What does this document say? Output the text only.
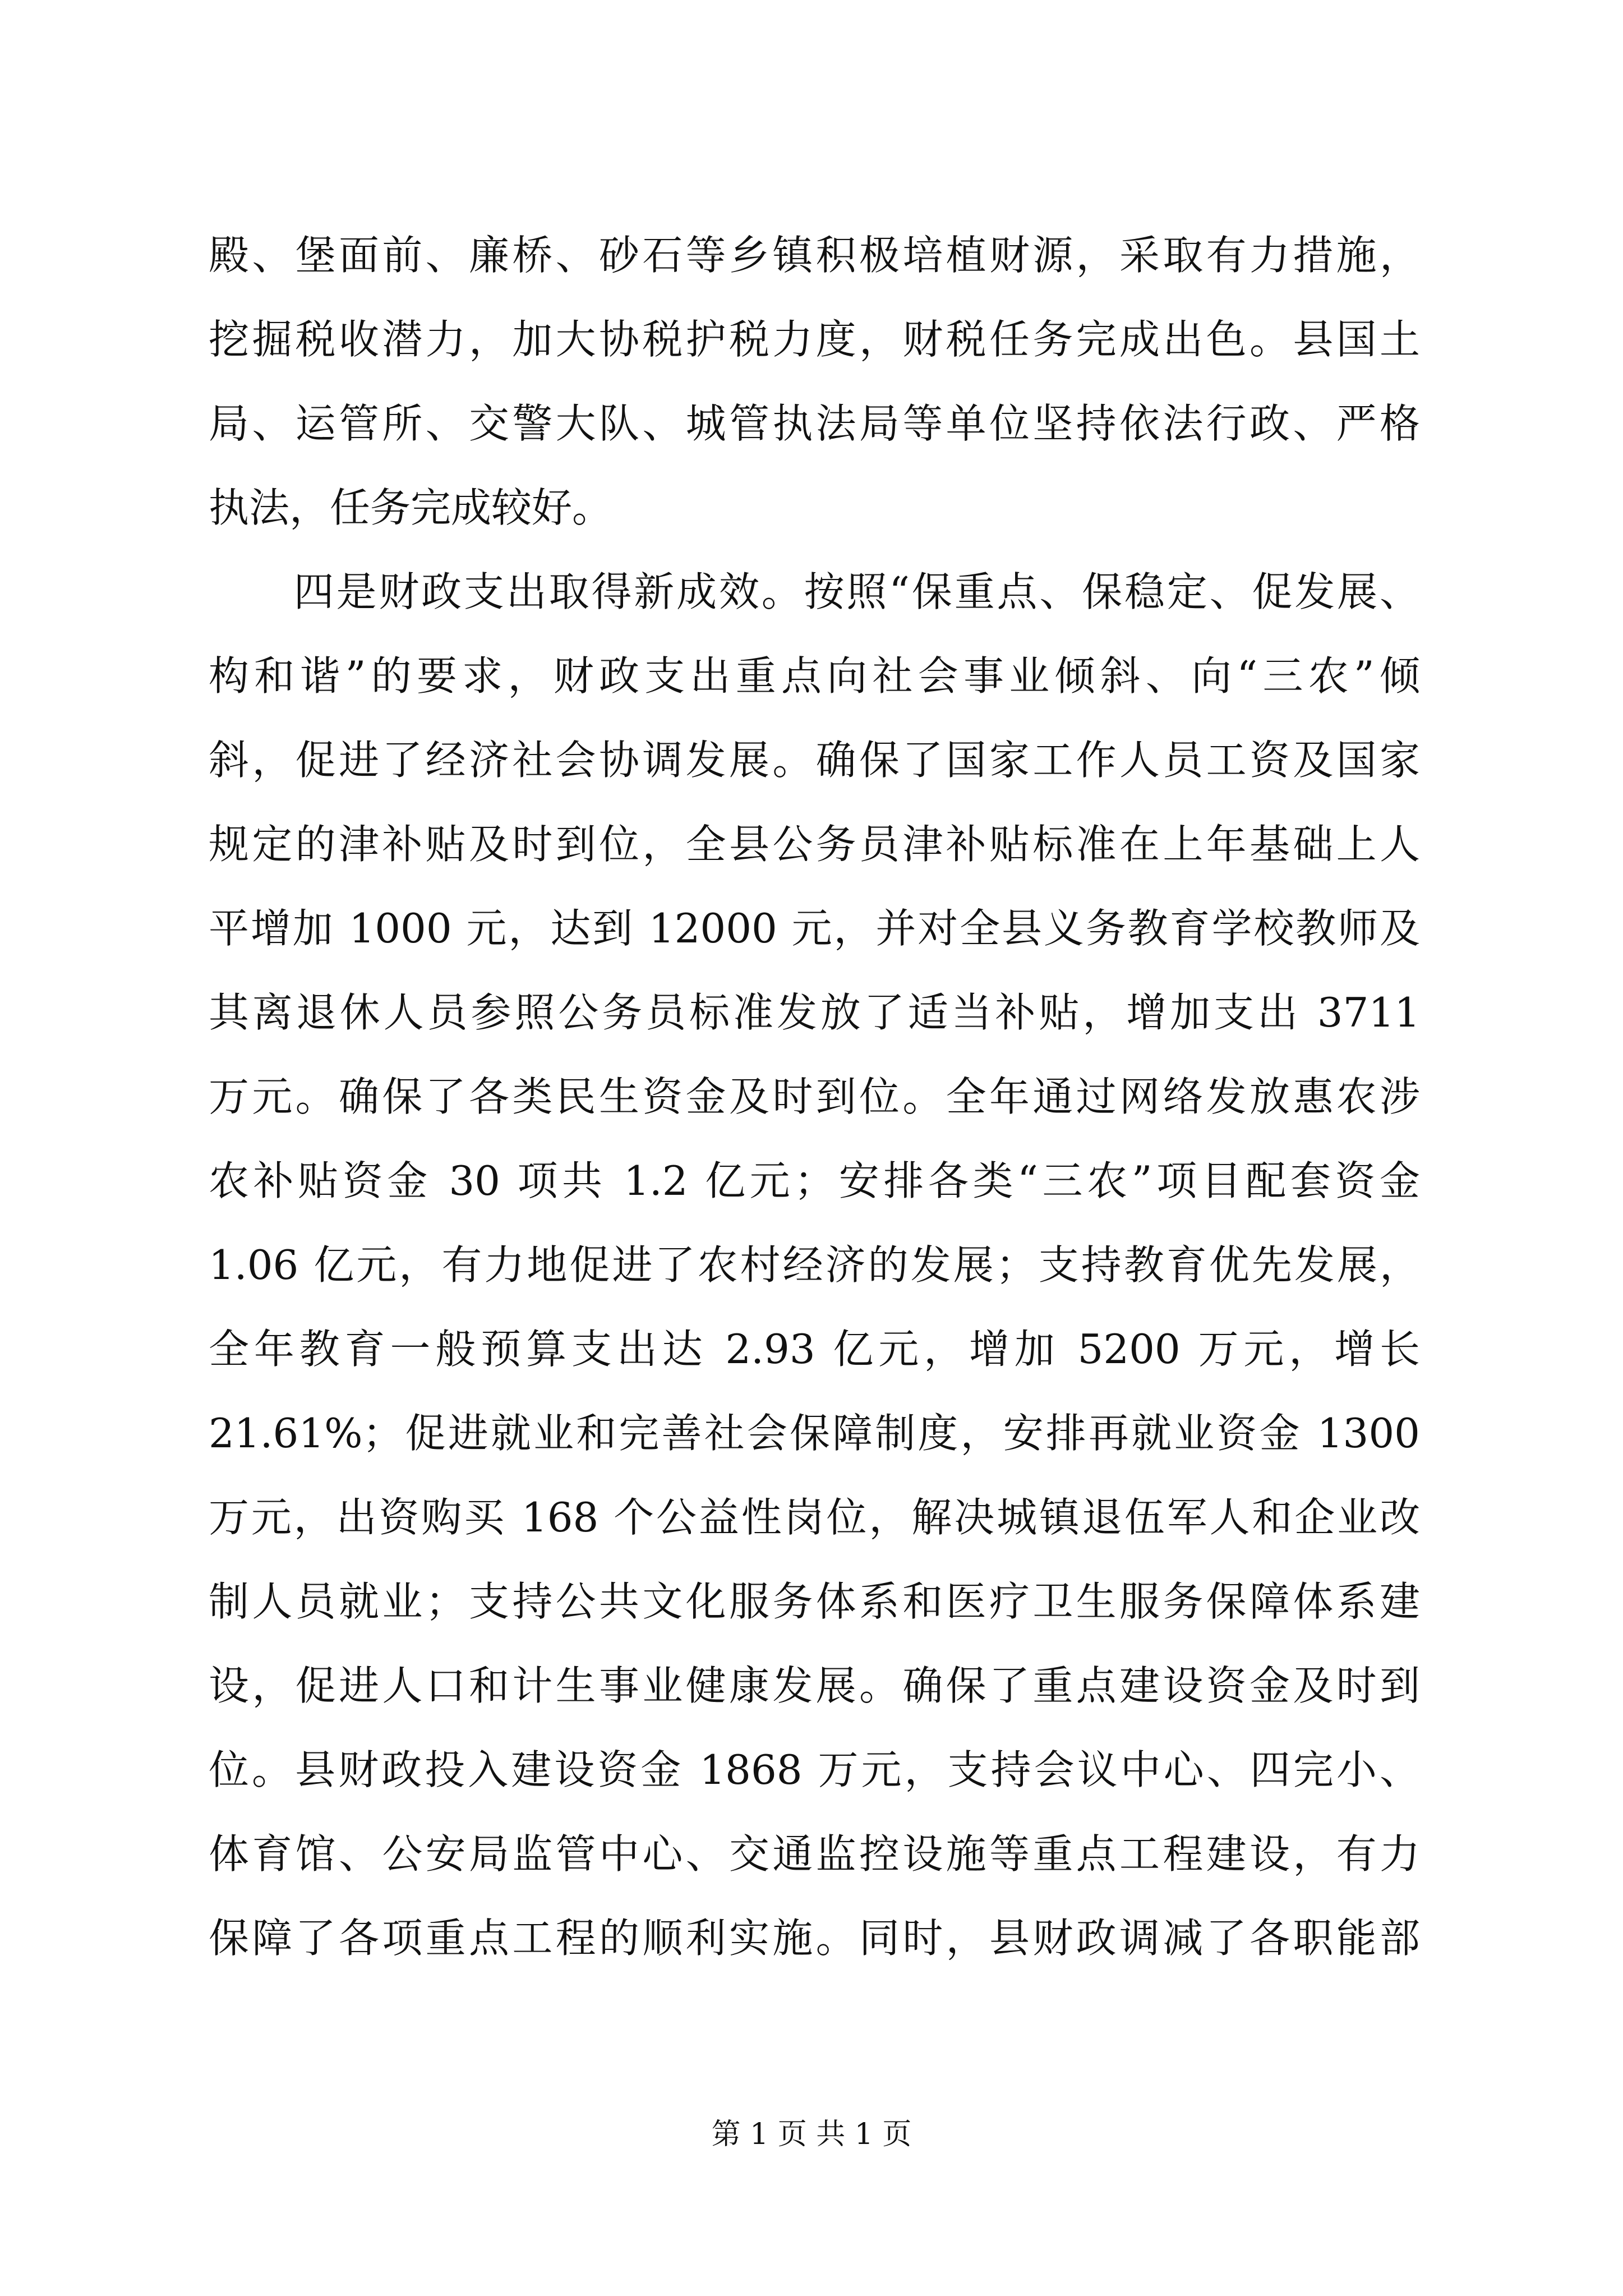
殿、堡面前、廉桥、砂石等乡镇积极培植财源，采取有力措施，
挖掘税收潜力，加大协税护税力度，财税任务完成出色。县国土
局、运管所、交警大队、城管执法局等单位坚持依法行政、严格
执法，任务完成较好。
　　四是财政支出取得新成效。按照“保重点、保稳定、促发展、
构和谐”的要求，财政支出重点向社会事业倾斜、向“三农”倾
斜，促进了经济社会协调发展。确保了国家工作人员工资及国家
规定的津补贴及时到位，全县公务员津补贴标准在上年基础上人
平增加 1000 元，达到 12000 元，并对全县义务教育学校教师及
其离退休人员参照公务员标准发放了适当补贴，增加支出 3711
万元。确保了各类民生资金及时到位。全年通过网络发放惠农涉
农补贴资金 30 项共 1.2 亿元；安排各类“三农”项目配套资金
1.06 亿元，有力地促进了农村经济的发展；支持教育优先发展，
全年教育一般预算支出达 2.93 亿元，增加 5200 万元，增长
21.61%；促进就业和完善社会保障制度，安排再就业资金 1300
万元，出资购买 168 个公益性岗位，解决城镇退伍军人和企业改
制人员就业；支持公共文化服务体系和医疗卫生服务保障体系建
设，促进人口和计生事业健康发展。确保了重点建设资金及时到
位。县财政投入建设资金 1868 万元，支持会议中心、四完小、
体育馆、公安局监管中心、交通监控设施等重点工程建设，有力
保障了各项重点工程的顺利实施。同时，县财政调减了各职能部
第 1 页 共 1 页
